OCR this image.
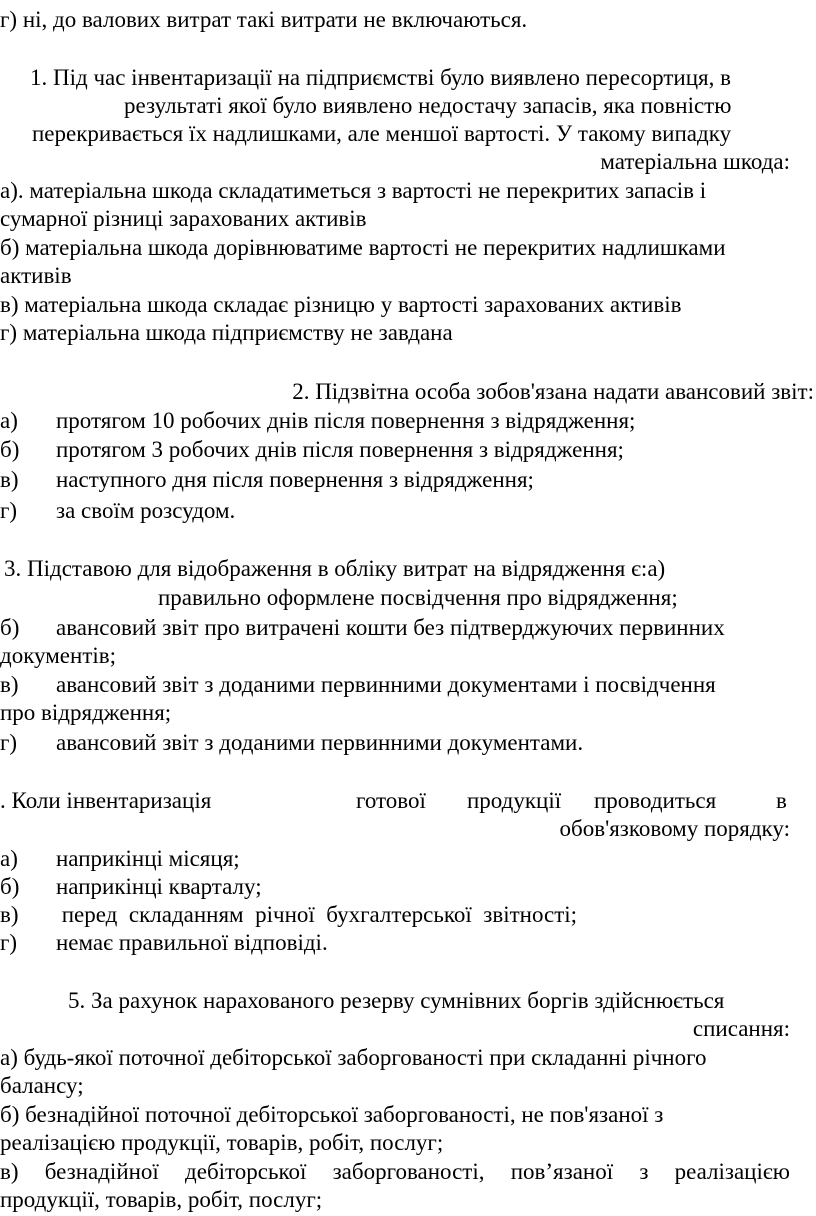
г) ні, до валових витрат такі витрати не включаються.
1. Під час інвентаризації на підприємстві було виявлено пересортиця, в
результаті якої було виявлено недостачу запасів, яка повністю
перекривається їх надлишками, але меншої вартості. У такому випадку
матеріальна шкода:
а). матеріальна шкода складатиметься з вартості не перекритих запасів і
сумарної різниці зарахованих активів
б) матеріальна шкода дорівнюватиме вартості не перекритих надлишками
активів
в) матеріальна шкода складає різницю у вартості зарахованих активів
г) матеріальна шкода підприємству не завдана
2. Підзвітна особа зобов'язана надати авансовий звіт:
а) протягом 10 робочих днів після повернення з відрядження;
б) протягом 3 робочих днів після повернення з відрядження;
в) наступного дня після повернення з відрядження;
г) за своїм розсудом.
3. Підставою для відображення в обліку витрат на відрядження є:а)
правильно оформлене посвідчення про відрядження;
б) авансовий звіт про витрачені кошти без підтверджуючих первинних
документів;
в) авансовий звіт з доданими первинними документами і посвідчення
про відрядження;
г) авансовий звіт з доданими первинними документами.
. Коли інвентаризація	готової продукції проводиться	в
обов'язковому порядку:
а) наприкінці місяця;
б) наприкінці кварталу;
в) перед  складанням  річної  бухгалтерської  звітності;
г) немає правильної відповіді.
5. За рахунок нарахованого резерву сумнівних боргів здійснюється
списання:
а) будь-якої поточної дебіторської заборгованості при складанні річного
балансу;
б) безнадійної поточної дебіторської заборгованості, не пов'язаної з
реалізацією продукції, товарів, робіт, послуг;
в) безнадійної дебіторської заборгованості, пов’язаної з реалізацією
продукції, товарів, робіт, послуг;
